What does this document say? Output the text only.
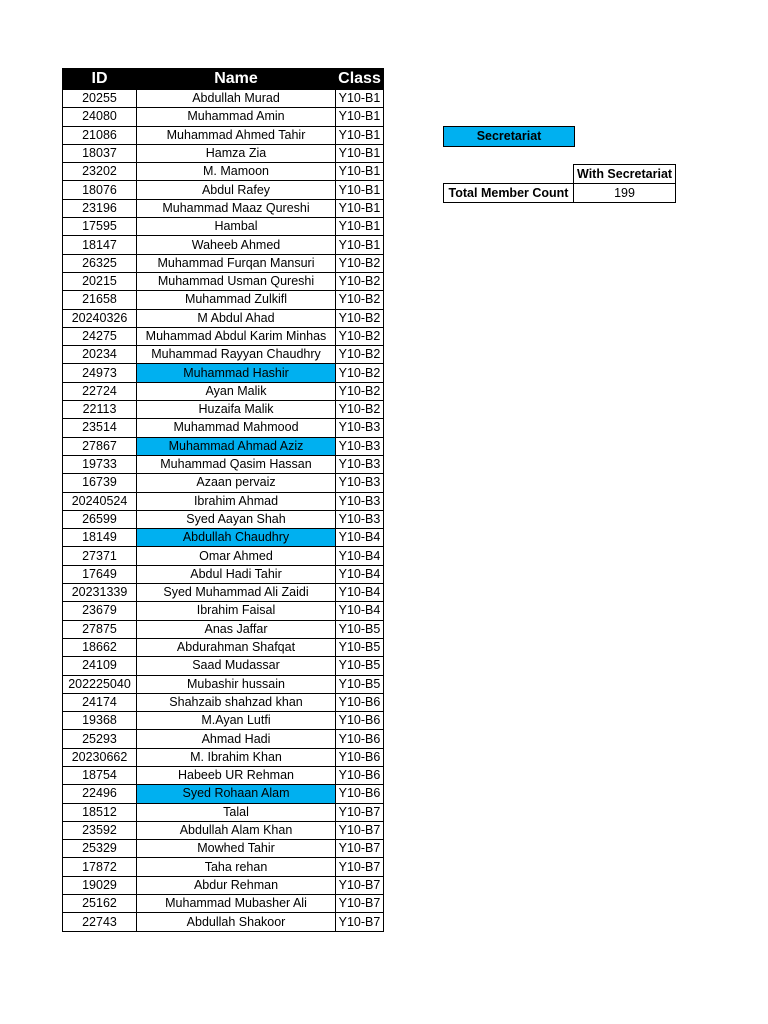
ID	Name	Class
20255	Abdullah Murad	Y10-B1
24080	Muhammad Amin	Y10-B1
21086	Muhammad Ahmed Tahir	Y10-B1
18037	Hamza Zia	Y10-B1
23202	M. Mamoon	Y10-B1
18076	Abdul Rafey	Y10-B1
23196	Muhammad Maaz Qureshi	Y10-B1
17595	Hambal	Y10-B1
18147	Waheeb Ahmed	Y10-B1
26325	Muhammad Furqan Mansuri	Y10-B2
20215	Muhammad Usman Qureshi	Y10-B2
21658	Muhammad Zulkifl	Y10-B2
20240326	M Abdul Ahad	Y10-B2
24275	Muhammad Abdul Karim Minhas	Y10-B2
20234	Muhammad Rayyan Chaudhry	Y10-B2
24973	Muhammad Hashir	Y10-B2
22724	Ayan Malik	Y10-B2
22113	Huzaifa Malik	Y10-B2
23514	Muhammad Mahmood	Y10-B3
27867	Muhammad Ahmad Aziz	Y10-B3
19733	Muhammad Qasim Hassan	Y10-B3
16739	Azaan pervaiz	Y10-B3
20240524	Ibrahim Ahmad	Y10-B3
26599	Syed Aayan Shah	Y10-B3
18149	Abdullah Chaudhry	Y10-B4
27371	Omar Ahmed	Y10-B4
17649	Abdul Hadi Tahir	Y10-B4
20231339	Syed Muhammad Ali Zaidi	Y10-B4
23679	Ibrahim Faisal	Y10-B4
27875	Anas Jaffar	Y10-B5
18662	Abdurahman Shafqat	Y10-B5
24109	Saad Mudassar	Y10-B5
202225040	Mubashir hussain	Y10-B5
24174	Shahzaib shahzad khan	Y10-B6
19368	M.Ayan Lutfi	Y10-B6
25293	Ahmad Hadi	Y10-B6
20230662	M. Ibrahim Khan	Y10-B6
18754	Habeeb UR Rehman	Y10-B6
22496	Syed Rohaan Alam	Y10-B6
18512	Talal	Y10-B7
23592	Abdullah Alam Khan	Y10-B7
25329	Mowhed Tahir	Y10-B7
17872	Taha rehan	Y10-B7
19029	Abdur Rehman	Y10-B7
25162	Muhammad Mubasher Ali	Y10-B7
22743	Abdullah Shakoor	Y10-B7
Secretariat
	With Secretariat
Total Member Count	199
